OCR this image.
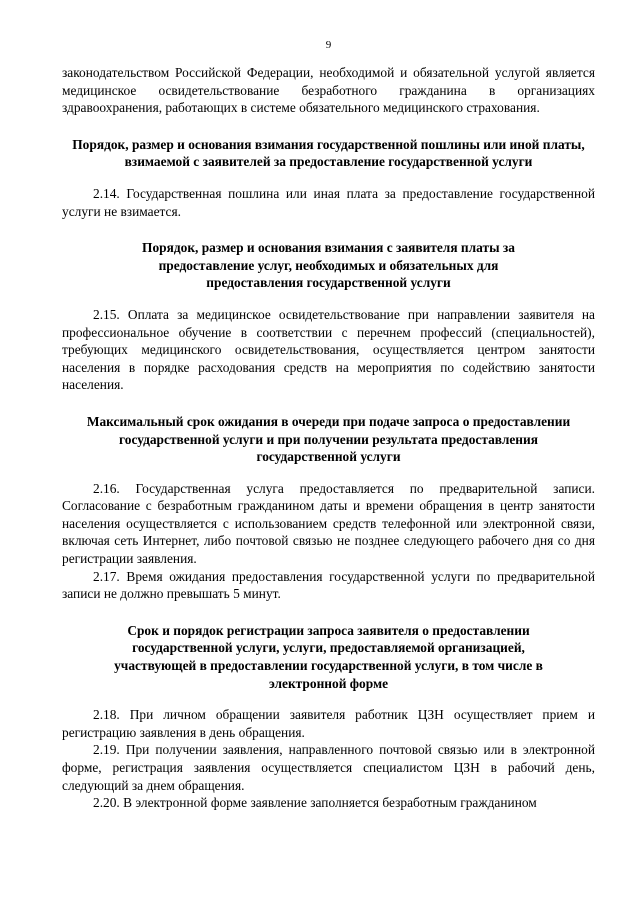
9

законодательством Российской Федерации, необходимой и обязательной услугой является медицинское освидетельствование безработного гражданина в организациях здравоохранения, работающих в системе обязательного медицинского страхования.

Порядок, размер и основания взимания государственной пошлины или иной платы, взимаемой с заявителей за предоставление государственной услуги

2.14. Государственная пошлина или иная плата за предоставление государственной услуги не взимается.

Порядок, размер и основания взимания с заявителя платы за предоставление услуг, необходимых и обязательных для предоставления государственной услуги

2.15. Оплата за медицинское освидетельствование при направлении заявителя на профессиональное обучение в соответствии с перечнем профессий (специальностей), требующих медицинского освидетельствования, осуществляется центром занятости населения в порядке расходования средств на мероприятия по содействию занятости населения.

Максимальный срок ожидания в очереди при подаче запроса о предоставлении государственной услуги и при получении результата предоставления государственной услуги

2.16. Государственная услуга предоставляется по предварительной записи. Согласование с безработным гражданином даты и времени обращения в центр занятости населения осуществляется с использованием средств телефонной или электронной связи, включая сеть Интернет, либо почтовой связью не позднее следующего рабочего дня со дня регистрации заявления.

2.17. Время ожидания предоставления государственной услуги по предварительной записи не должно превышать 5 минут.

Срок и порядок регистрации запроса заявителя о предоставлении государственной услуги, услуги, предоставляемой организацией, участвующей в предоставлении государственной услуги, в том числе в электронной форме

2.18. При личном обращении заявителя работник ЦЗН осуществляет прием и регистрацию заявления в день обращения.

2.19. При получении заявления, направленного почтовой связью или в электронной форме, регистрация заявления осуществляется специалистом ЦЗН в рабочий день, следующий за днем обращения.

2.20. В электронной форме заявление заполняется безработным гражданином
